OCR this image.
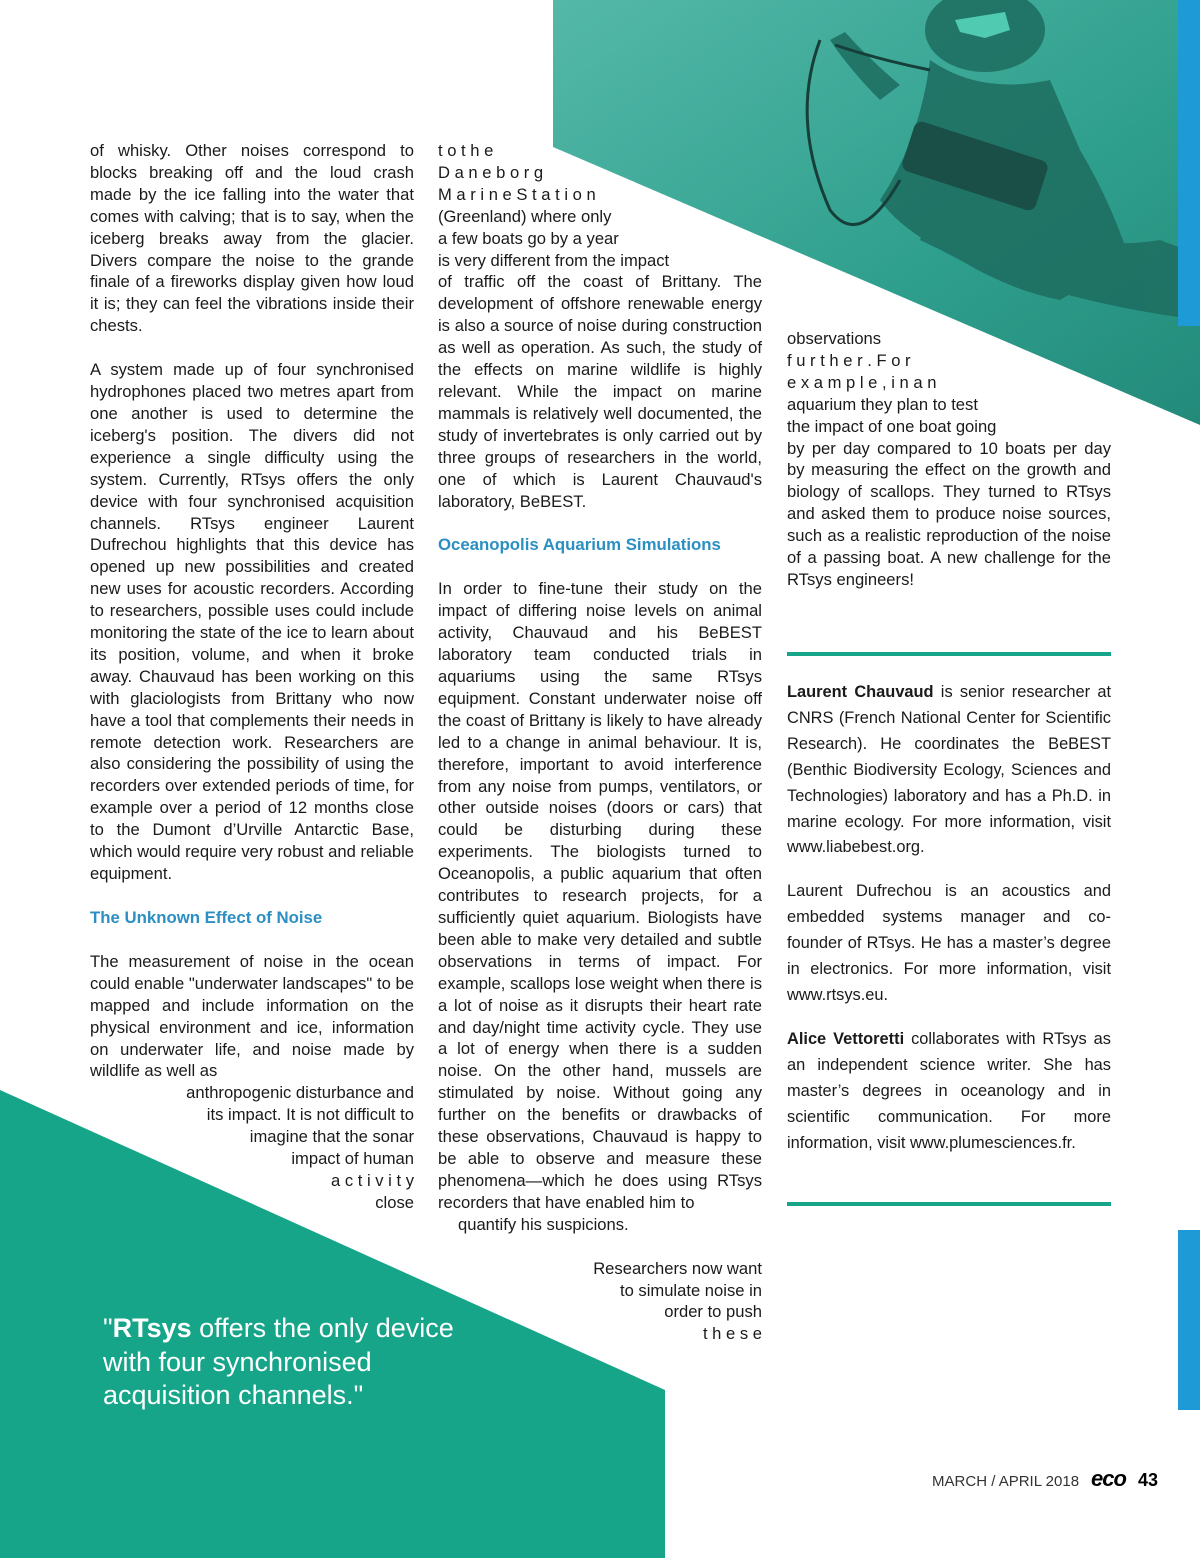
of whisky. Other noises correspond to blocks breaking off and the loud crash made by the ice falling into the water that comes with calving; that is to say, when the iceberg breaks away from the glacier. Divers compare the noise to the grande finale of a fireworks display given how loud it is; they can feel the vibrations inside their chests.

A system made up of four synchronised hydrophones placed two metres apart from one another is used to determine the iceberg's position. The divers did not experience a single difficulty using the system. Currently, RTsys offers the only device with four synchronised acquisition channels. RTsys engineer Laurent Dufrechou highlights that this device has opened up new possibilities and created new uses for acoustic recorders. According to researchers, possible uses could include monitoring the state of the ice to learn about its position, volume, and when it broke away. Chauvaud has been working on this with glaciologists from Brittany who now have a tool that complements their needs in remote detection work. Researchers are also considering the possibility of using the recorders over extended periods of time, for example over a period of 12 months close to the Dumont d’Urville Antarctic Base, which would require very robust and reliable equipment.

The Unknown Effect of Noise

The measurement of noise in the ocean could enable "underwater landscapes" to be mapped and include information on the physical environment and ice, information on underwater life, and noise made by wildlife as well as

anthropogenic disturbance and

its impact. It is not difficult to

imagine that the sonar

impact of human

a c t i v i t y

close

t o t h e

D a n e b o r g

M a r i n e S t a t i o n

(Greenland) where only

a few boats go by a year

is very different from the impact

of traffic off the coast of Brittany. The development of offshore renewable energy is also a source of noise during construction as well as operation. As such, the study of the effects on marine wildlife is highly relevant. While the impact on marine mammals is relatively well documented, the study of invertebrates is only carried out by three groups of researchers in the world, one of which is Laurent Chauvaud's laboratory, BeBEST.

Oceanopolis Aquarium Simulations

In order to fine-tune their study on the impact of differing noise levels on animal activity, Chauvaud and his BeBEST laboratory team conducted trials in aquariums using the same RTsys equipment. Constant underwater noise off the coast of Brittany is likely to have already led to a change in animal behaviour. It is, therefore, important to avoid interference from any noise from pumps, ventilators, or other outside noises (doors or cars) that could be disturbing during these experiments. The biologists turned to Oceanopolis, a public aquarium that often contributes to research projects, for a sufficiently quiet aquarium. Biologists have been able to make very detailed and subtle observations in terms of impact. For example, scallops lose weight when there is a lot of noise as it disrupts their heart rate and day/night time activity cycle. They use a lot of energy when there is a sudden noise. On the other hand, mussels are stimulated by noise. Without going any further on the benefits or drawbacks of these observations, Chauvaud is happy to be able to observe and measure these phenomena—which he does using RTsys recorders that have enabled him to

quantify his suspicions.

Researchers now want

to simulate noise in

order to push

t h e s e

observations

f u r t h e r . F o r

e x a m p l e , i n a n

aquarium they plan to test

the impact of one boat going

by per day compared to 10 boats per day by measuring the effect on the growth and biology of scallops. They turned to RTsys and asked them to produce noise sources, such as a realistic reproduction of the noise of a passing boat. A new challenge for the RTsys engineers!

Laurent Chauvaud is senior researcher at CNRS (French National Center for Scientific Research). He coordinates the BeBEST (Benthic Biodiversity Ecology, Sciences and Technologies) laboratory and has a Ph.D. in marine ecology. For more information, visit www.liabebest.org.

Laurent Dufrechou is an acoustics and embedded systems manager and co-founder of RTsys. He has a master’s degree in electronics. For more information, visit www.rtsys.eu.

Alice Vettoretti collaborates with RTsys as an independent science writer. She has master’s degrees in oceanology and in scientific communication. For more information, visit www.plumesciences.fr.

"RTsys offers the only device with four synchronised acquisition channels."
MARCH / APRIL 2018 eco 43
